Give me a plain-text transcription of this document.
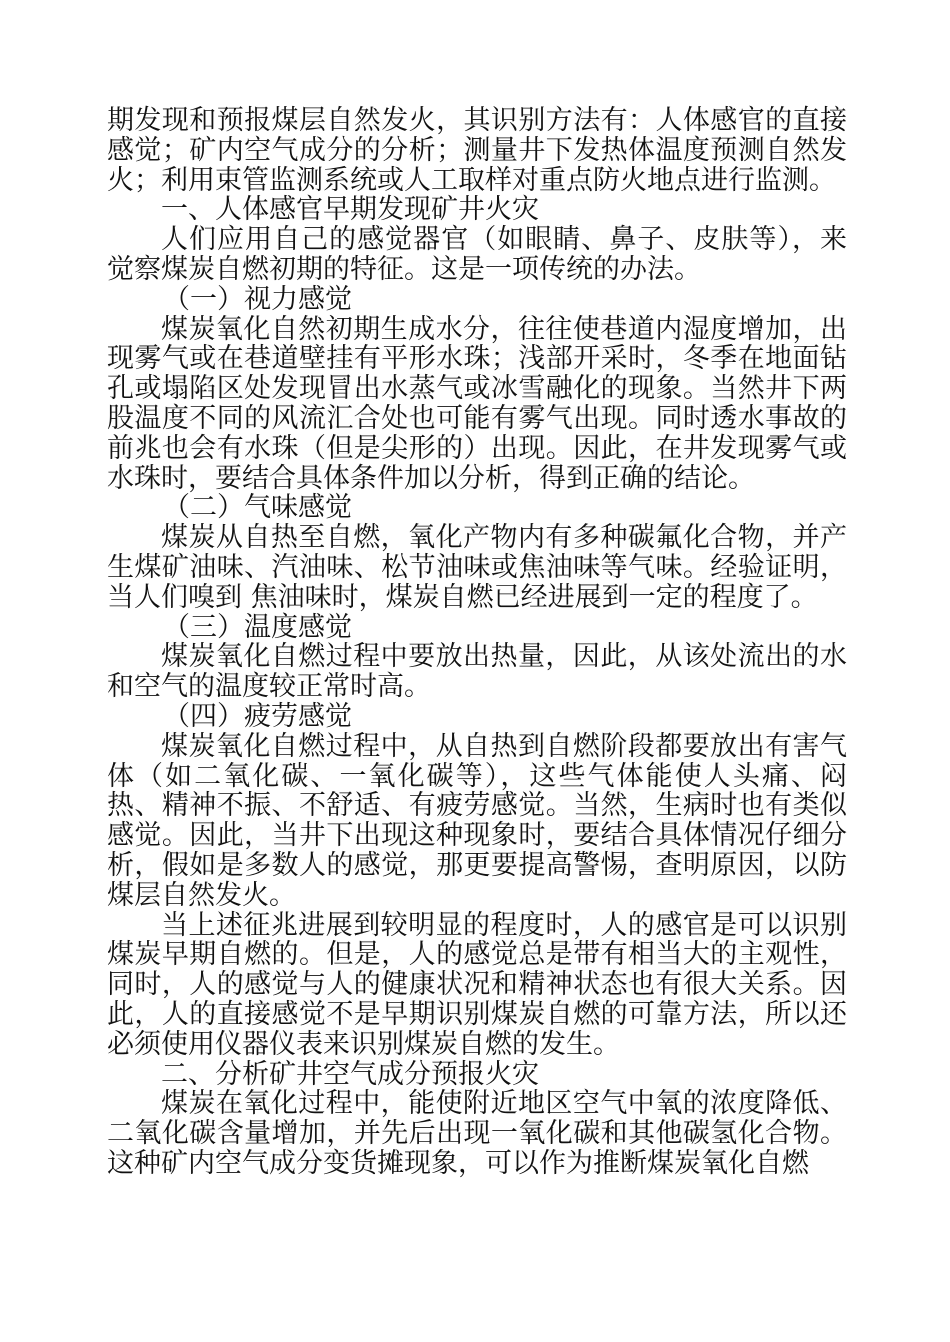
期发现和预报煤层自然发火，其识别方法有：人体感官的直接感觉；矿内空气成分的分析；测量井下发热体温度预测自然发火；利用束管监测系统或人工取样对重点防火地点进行监测。

一、人体感官早期发现矿井火灾

人们应用自己的感觉器官（如眼睛、鼻子、皮肤等），来觉察煤炭自燃初期的特征。这是一项传统的办法。

（一）视力感觉

煤炭氧化自然初期生成水分，往往使巷道内湿度增加，出现雾气或在巷道壁挂有平形水珠；浅部开采时，冬季在地面钻孔或塌陷区处发现冒出水蒸气或冰雪融化的现象。当然井下两股温度不同的风流汇合处也可能有雾气出现。同时透水事故的前兆也会有水珠（但是尖形的）出现。因此，在井发现雾气或水珠时，要结合具体条件加以分析，得到正确的结论。

（二）气味感觉

煤炭从自热至自燃，氧化产物内有多种碳氟化合物，并产生煤矿油味、汽油味、松节油味或焦油味等气味。经验证明，当人们嗅到 焦油味时，煤炭自燃已经进展到一定的程度了。

（三）温度感觉

煤炭氧化自燃过程中要放出热量，因此，从该处流出的水和空气的温度较正常时高。

（四）疲劳感觉

煤炭氧化自燃过程中，从自热到自燃阶段都要放出有害气体（如二氧化碳、一氧化碳等），这些气体能使人头痛、闷热、精神不振、不舒适、有疲劳感觉。当然，生病时也有类似感觉。因此，当井下出现这种现象时，要结合具体情况仔细分析，假如是多数人的感觉，那更要提高警惕，查明原因，以防煤层自然发火。

当上述征兆进展到较明显的程度时，人的感官是可以识别煤炭早期自燃的。但是，人的感觉总是带有相当大的主观性，同时，人的感觉与人的健康状况和精神状态也有很大关系。因此，人的直接感觉不是早期识别煤炭自燃的可靠方法，所以还必须使用仪器仪表来识别煤炭自燃的发生。

二、分析矿井空气成分预报火灾

煤炭在氧化过程中，能使附近地区空气中氧的浓度降低、二氧化碳含量增加，并先后出现一氧化碳和其他碳氢化合物。这种矿内空气成分变货摊现象，可以作为推断煤炭氧化自燃
